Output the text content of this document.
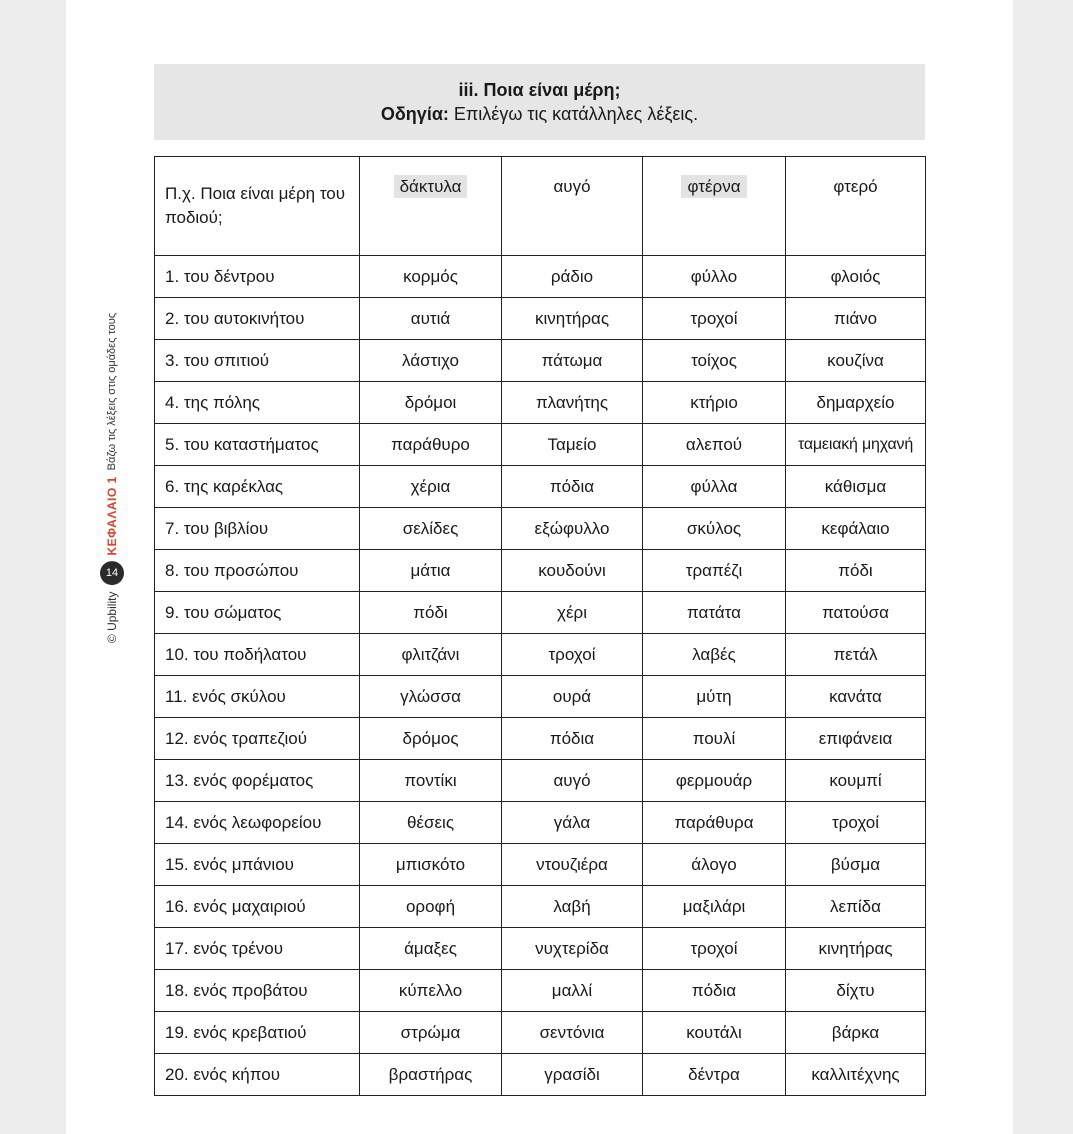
iii. Ποια είναι μέρη;
Οδηγία: Επιλέγω τις κατάλληλες λέξεις.
© Upbility
14
ΚΕΦΑΛΑΙΟ 1
Βάζω τις λέξεις στις ομάδες τους
Π.χ. Ποια είναι μέρη του ποδιού;	δάκτυλα	αυγό	φτέρνα	φτερό
1. του δέντρου	κορμός	ράδιο	φύλλο	φλοιός
2. του αυτοκινήτου	αυτιά	κινητήρας	τροχοί	πιάνο
3. του σπιτιού	λάστιχο	πάτωμα	τοίχος	κουζίνα
4. της πόλης	δρόμοι	πλανήτης	κτήριο	δημαρχείο
5. του καταστήματος	παράθυρο	Ταμείο	αλεπού	ταμειακή μηχανή
6. της καρέκλας	χέρια	πόδια	φύλλα	κάθισμα
7. του βιβλίου	σελίδες	εξώφυλλο	σκύλος	κεφάλαιο
8. του προσώπου	μάτια	κουδούνι	τραπέζι	πόδι
9. του σώματος	πόδι	χέρι	πατάτα	πατούσα
10. του ποδήλατου	φλιτζάνι	τροχοί	λαβές	πετάλ
11. ενός σκύλου	γλώσσα	ουρά	μύτη	κανάτα
12. ενός τραπεζιού	δρόμος	πόδια	πουλί	επιφάνεια
13. ενός φορέματος	ποντίκι	αυγό	φερμουάρ	κουμπί
14. ενός λεωφορείου	θέσεις	γάλα	παράθυρα	τροχοί
15. ενός μπάνιου	μπισκότο	ντουζιέρα	άλογο	βύσμα
16. ενός μαχαιριού	οροφή	λαβή	μαξιλάρι	λεπίδα
17. ενός τρένου	άμαξες	νυχτερίδα	τροχοί	κινητήρας
18. ενός προβάτου	κύπελλο	μαλλί	πόδια	δίχτυ
19. ενός κρεβατιού	στρώμα	σεντόνια	κουτάλι	βάρκα
20. ενός κήπου	βραστήρας	γρασίδι	δέντρα	καλλιτέχνης
